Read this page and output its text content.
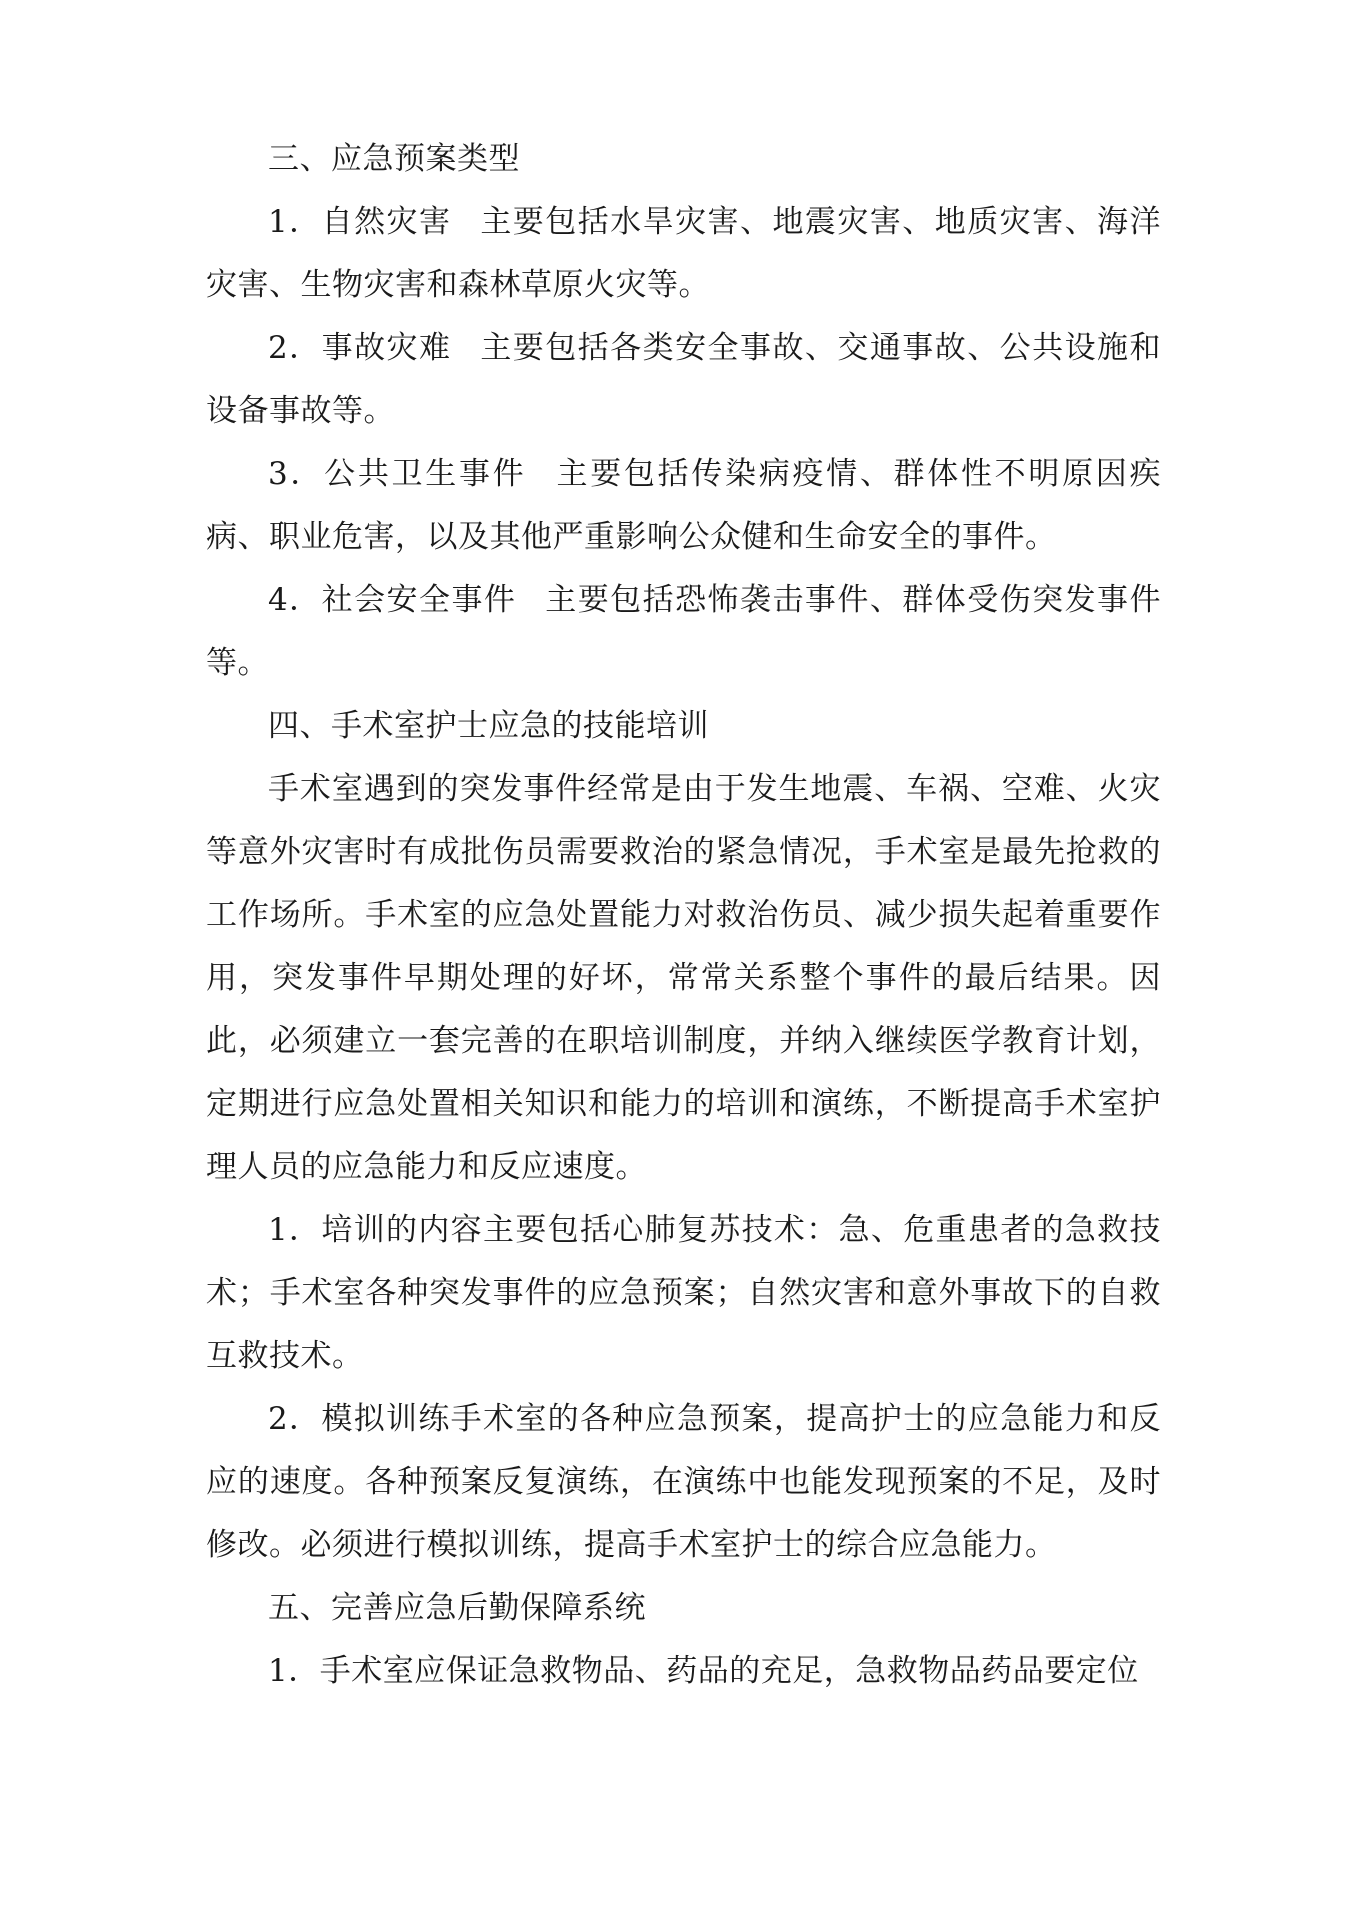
三、应急预案类型

1．自然灾害 主要包括水旱灾害、地震灾害、地质灾害、海洋灾害、生物灾害和森林草原火灾等。

2．事故灾难 主要包括各类安全事故、交通事故、公共设施和设备事故等。

3．公共卫生事件 主要包括传染病疫情、群体性不明原因疾病、职业危害，以及其他严重影响公众健和生命安全的事件。

4．社会安全事件 主要包括恐怖袭击事件、群体受伤突发事件等。

四、手术室护士应急的技能培训

手术室遇到的突发事件经常是由于发生地震、车祸、空难、火灾等意外灾害时有成批伤员需要救治的紧急情况，手术室是最先抢救的工作场所。手术室的应急处置能力对救治伤员、减少损失起着重要作用，突发事件早期处理的好坏，常常关系整个事件的最后结果。因此，必须建立一套完善的在职培训制度，并纳入继续医学教育计划，定期进行应急处置相关知识和能力的培训和演练，不断提高手术室护理人员的应急能力和反应速度。

1．培训的内容主要包括心肺复苏技术：急、危重患者的急救技术；手术室各种突发事件的应急预案；自然灾害和意外事故下的自救互救技术。

2．模拟训练手术室的各种应急预案，提高护士的应急能力和反应的速度。各种预案反复演练，在演练中也能发现预案的不足，及时修改。必须进行模拟训练，提高手术室护士的综合应急能力。

五、完善应急后勤保障系统

1．手术室应保证急救物品、药品的充足，急救物品药品要定位
